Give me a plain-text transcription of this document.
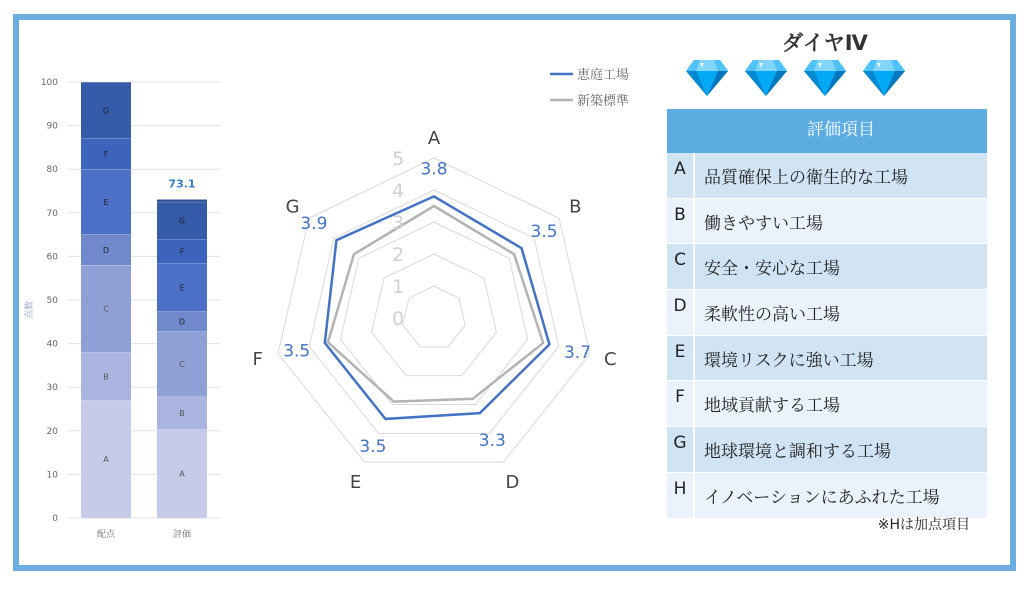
0
10
20
30
40
50
60
70
80
90
100
A
B
C
D
E
F
G
配点
A
B
C
D
E
F
G
評価
73.1
点数	0
1
2
3
4
5
A
B
C
D
E
F
G
3.8
3.5
3.7
3.3
3.5
3.5
3.9
恵庭工場
新築標準
ダイヤⅣ
	評価項目
A	品質確保上の衛生的な工場
B	働きやすい工場
C	安全・安心な工場
D	柔軟性の高い工場
E	環境リスクに強い工場
F	地域貢献する工場
G	地球環境と調和する工場
H	イノベーションにあふれた工場
※Hは加点項目
